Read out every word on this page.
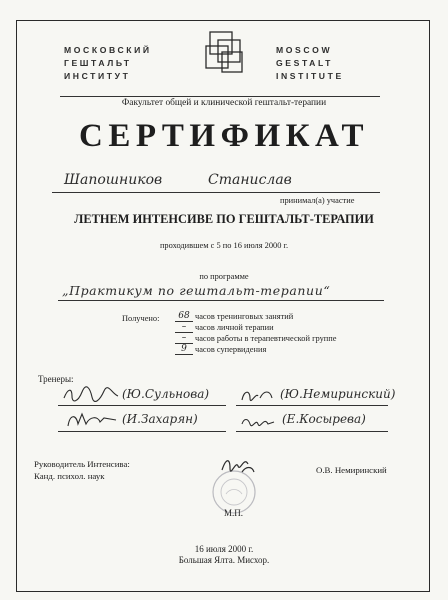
МОСКОВСКИЙ
ГЕШТАЛЬТ
ИНСТИТУТ
MOSCOW
GESTALT
INSTITUTE
Факультет общей и клинической гештальт-терапии
СЕРТИФИКАТ
Шапошников	Станислав
принимал(а) участие
ЛЕТНЕМ ИНТЕНСИВЕ ПО ГЕШТАЛЬТ-ТЕРАПИИ
проходившем с 5 по 16 июля 2000 г.
по программе
„Практикум по гештальт-терапии“
Получено:	68 часов тренинговых занятий
– часов личной терапии
– часов работы в терапевтической группе
9 часов супервидения
Тренеры:
(Ю.Сульнова)	(Ю.Немиринский)
(И.Захарян)	(Е.Косырева)
Руководитель Интенсива:
Канд. психол. наук
О.В. Немиринский
М.П.
16 июля 2000 г.
Большая Ялта. Мисхор.
